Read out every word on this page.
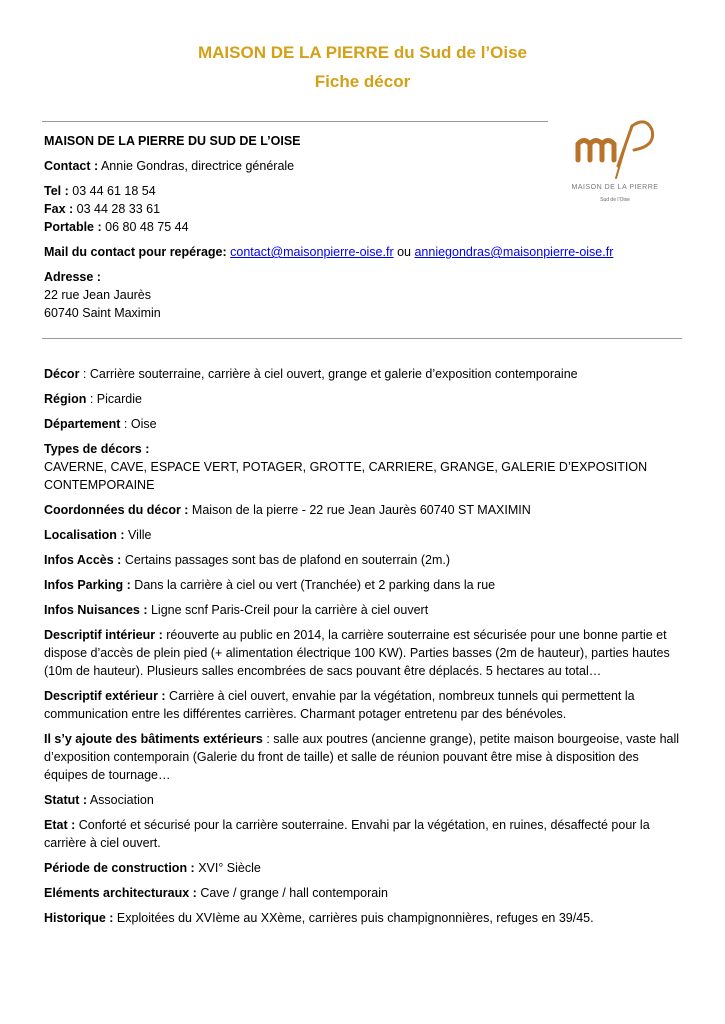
MAISON DE LA PIERRE du Sud de l’Oise
Fiche décor
MAISON DE LA PIERRE
Sud de l’Oise

MAISON DE LA PIERRE DU SUD DE L’OISE

Contact : Annie Gondras, directrice générale

Tel : 03 44 61 18 54

Fax : 03 44 28 33 61

Portable : 06 80 48 75 44

Mail du contact pour repérage: contact@maisonpierre-oise.fr ou anniegondras@maisonpierre-oise.fr

Adresse :

22 rue Jean Jaurès

60740 Saint Maximin

Décor : Carrière souterraine, carrière à ciel ouvert, grange et galerie d’exposition contemporaine

Région : Picardie

Département : Oise

Types de décors :

CAVERNE, CAVE, ESPACE VERT, POTAGER, GROTTE, CARRIERE, GRANGE, GALERIE D’EXPOSITION CONTEMPORAINE

Coordonnées du décor : Maison de la pierre - 22 rue Jean Jaurès 60740 ST MAXIMIN

Localisation : Ville

Infos Accès : Certains passages sont bas de plafond en souterrain (2m.)

Infos Parking : Dans la carrière à ciel ou vert (Tranchée) et 2 parking dans la rue

Infos Nuisances : Ligne scnf Paris-Creil pour la carrière à ciel ouvert

Descriptif intérieur : réouverte au public en 2014, la carrière souterraine est sécurisée pour une bonne partie et dispose d’accès de plein pied (+ alimentation électrique 100 KW). Parties basses (2m de hauteur), parties hautes (10m de hauteur). Plusieurs salles encombrées de sacs pouvant être déplacés. 5 hectares au total…

Descriptif extérieur : Carrière à ciel ouvert, envahie par la végétation, nombreux tunnels qui permettent la communication entre les différentes carrières. Charmant potager entretenu par des bénévoles.

Il s’y ajoute des bâtiments extérieurs : salle aux poutres (ancienne grange), petite maison bourgeoise, vaste hall d’exposition contemporain (Galerie du front de taille) et salle de réunion pouvant être mise à disposition des équipes de tournage…

Statut : Association

Etat : Conforté et sécurisé pour la carrière souterraine. Envahi par la végétation, en ruines, désaffecté pour la carrière à ciel ouvert.

Période de construction : XVI° Siècle

Eléments architecturaux : Cave / grange / hall contemporain

Historique : Exploitées du XVIème au XXème, carrières puis champignonnières, refuges en 39/45.
